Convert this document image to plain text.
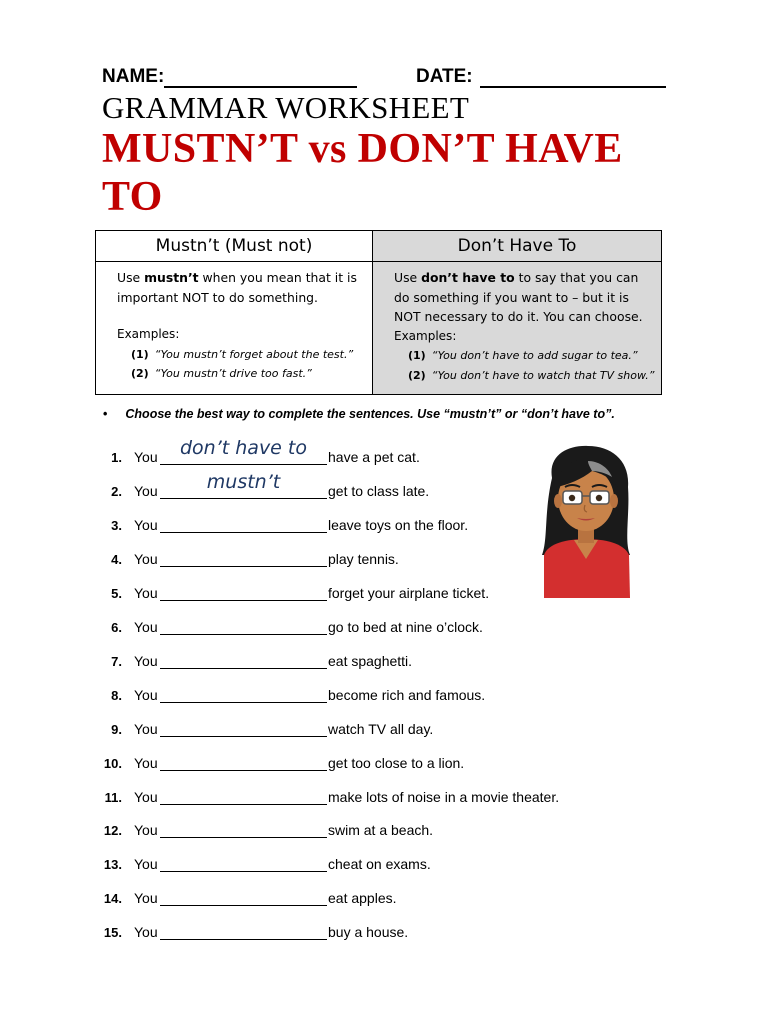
NAME:	DATE:
GRAMMAR WORKSHEET
MUSTN’T vs DON’T HAVE TO
Mustn’t (Must not)
Use mustn’t when you mean that it is important NOT to do something.
Examples:
(1) “You mustn’t forget about the test.”
(2) “You mustn’t drive too fast.”
Don’t Have To
Use don’t have to to say that you can do something if you want to – but it is NOT necessary to do it. You can choose.
Examples:
(1) “You don’t have to add sugar to tea.”
(2) “You don’t have to watch that TV show.”
• Choose the best way to complete the sentences. Use “mustn’t” or “don’t have to”.
1. You	don’t have to	have a pet cat.
2. You	mustn’t	get to class late.
3. You	leave toys on the floor.
4. You	play tennis.
5. You	forget your airplane ticket.
6. You	go to bed at nine o’clock.
7. You	eat spaghetti.
8. You	become rich and famous.
9. You	watch TV all day.
10. You	get too close to a lion.
11. You	make lots of noise in a movie theater.
12. You	swim at a beach.
13. You	cheat on exams.
14. You	eat apples.
15. You	buy a house.
